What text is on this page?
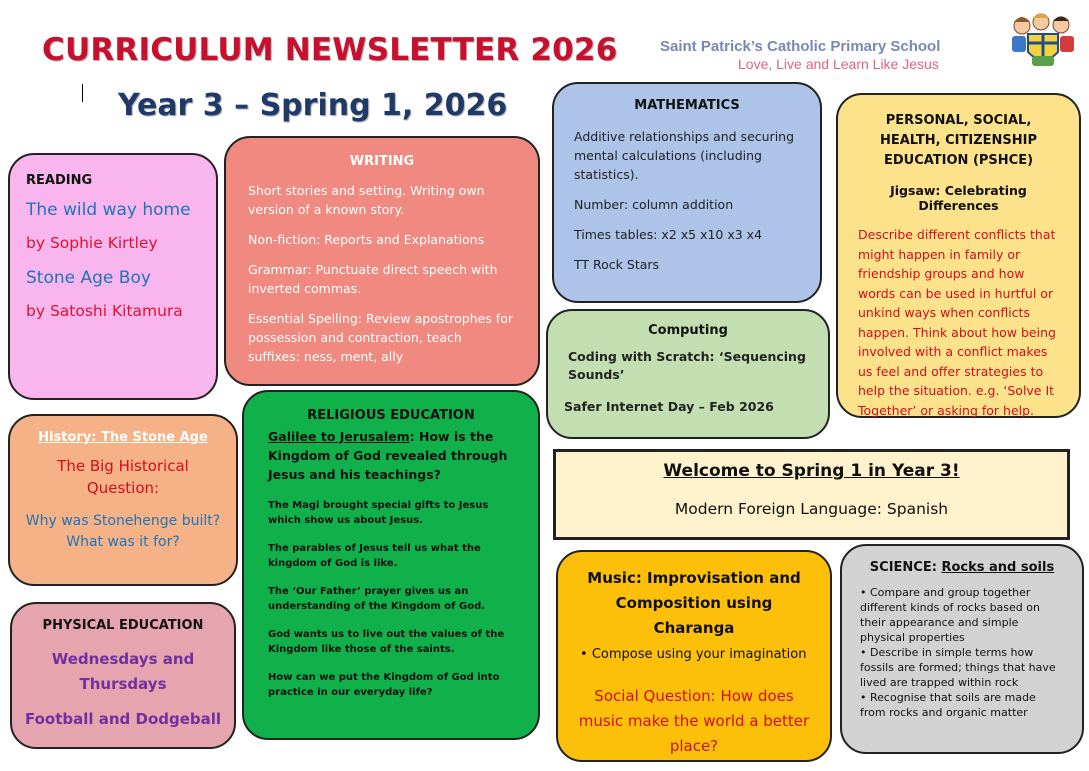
CURRICULUM NEWSLETTER 2026
Year 3 – Spring 1, 2026
Saint Patrick’s Catholic Primary School
Love, Live and Learn Like Jesus
READING
The wild way home
by Sophie Kirtley
Stone Age Boy
by Satoshi Kitamura
WRITING
Short stories and setting. Writing own version of a known story.
Non-fiction: Reports and Explanations
Grammar: Punctuate direct speech with inverted commas.
Essential Spelling: Review apostrophes for possession and contraction, teach suffixes: ness, ment, ally
MATHEMATICS
Additive relationships and securing mental calculations (including statistics).
Number: column addition
Times tables: x2 x5 x10 x3 x4
TT Rock Stars
PERSONAL, SOCIAL, HEALTH, CITIZENSHIP EDUCATION (PSHCE)
Jigsaw: Celebrating Differences
Describe different conflicts that might happen in family or friendship groups and how words can be used in hurtful or unkind ways when conflicts happen. Think about how being involved with a conflict makes us feel and offer strategies to help the situation. e.g. ‘Solve It Together’ or asking for help.
Computing
Coding with Scratch: ‘Sequencing Sounds’
Safer Internet Day – Feb 2026
History: The Stone Age
The Big Historical Question:
Why was Stonehenge built? What was it for?
RELIGIOUS EDUCATION
Galilee to Jerusalem: How is the Kingdom of God revealed through Jesus and his teachings?
The Magi brought special gifts to Jesus which show us about Jesus.
The parables of Jesus tell us what the kingdom of God is like.
The ‘Our Father’ prayer gives us an understanding of the Kingdom of God.
God wants us to live out the values of the Kingdom like those of the saints.
How can we put the Kingdom of God into practice in our everyday life?
Welcome to Spring 1 in Year 3!
Modern Foreign Language: Spanish
PHYSICAL EDUCATION
Wednesdays and Thursdays
Football and Dodgeball
Music: Improvisation and Composition using Charanga
• Compose using your imagination
Social Question: How does music make the world a better place?
SCIENCE: Rocks and soils
• Compare and group together different kinds of rocks based on their appearance and simple physical properties
• Describe in simple terms how fossils are formed; things that have lived are trapped within rock
• Recognise that soils are made from rocks and organic matter
